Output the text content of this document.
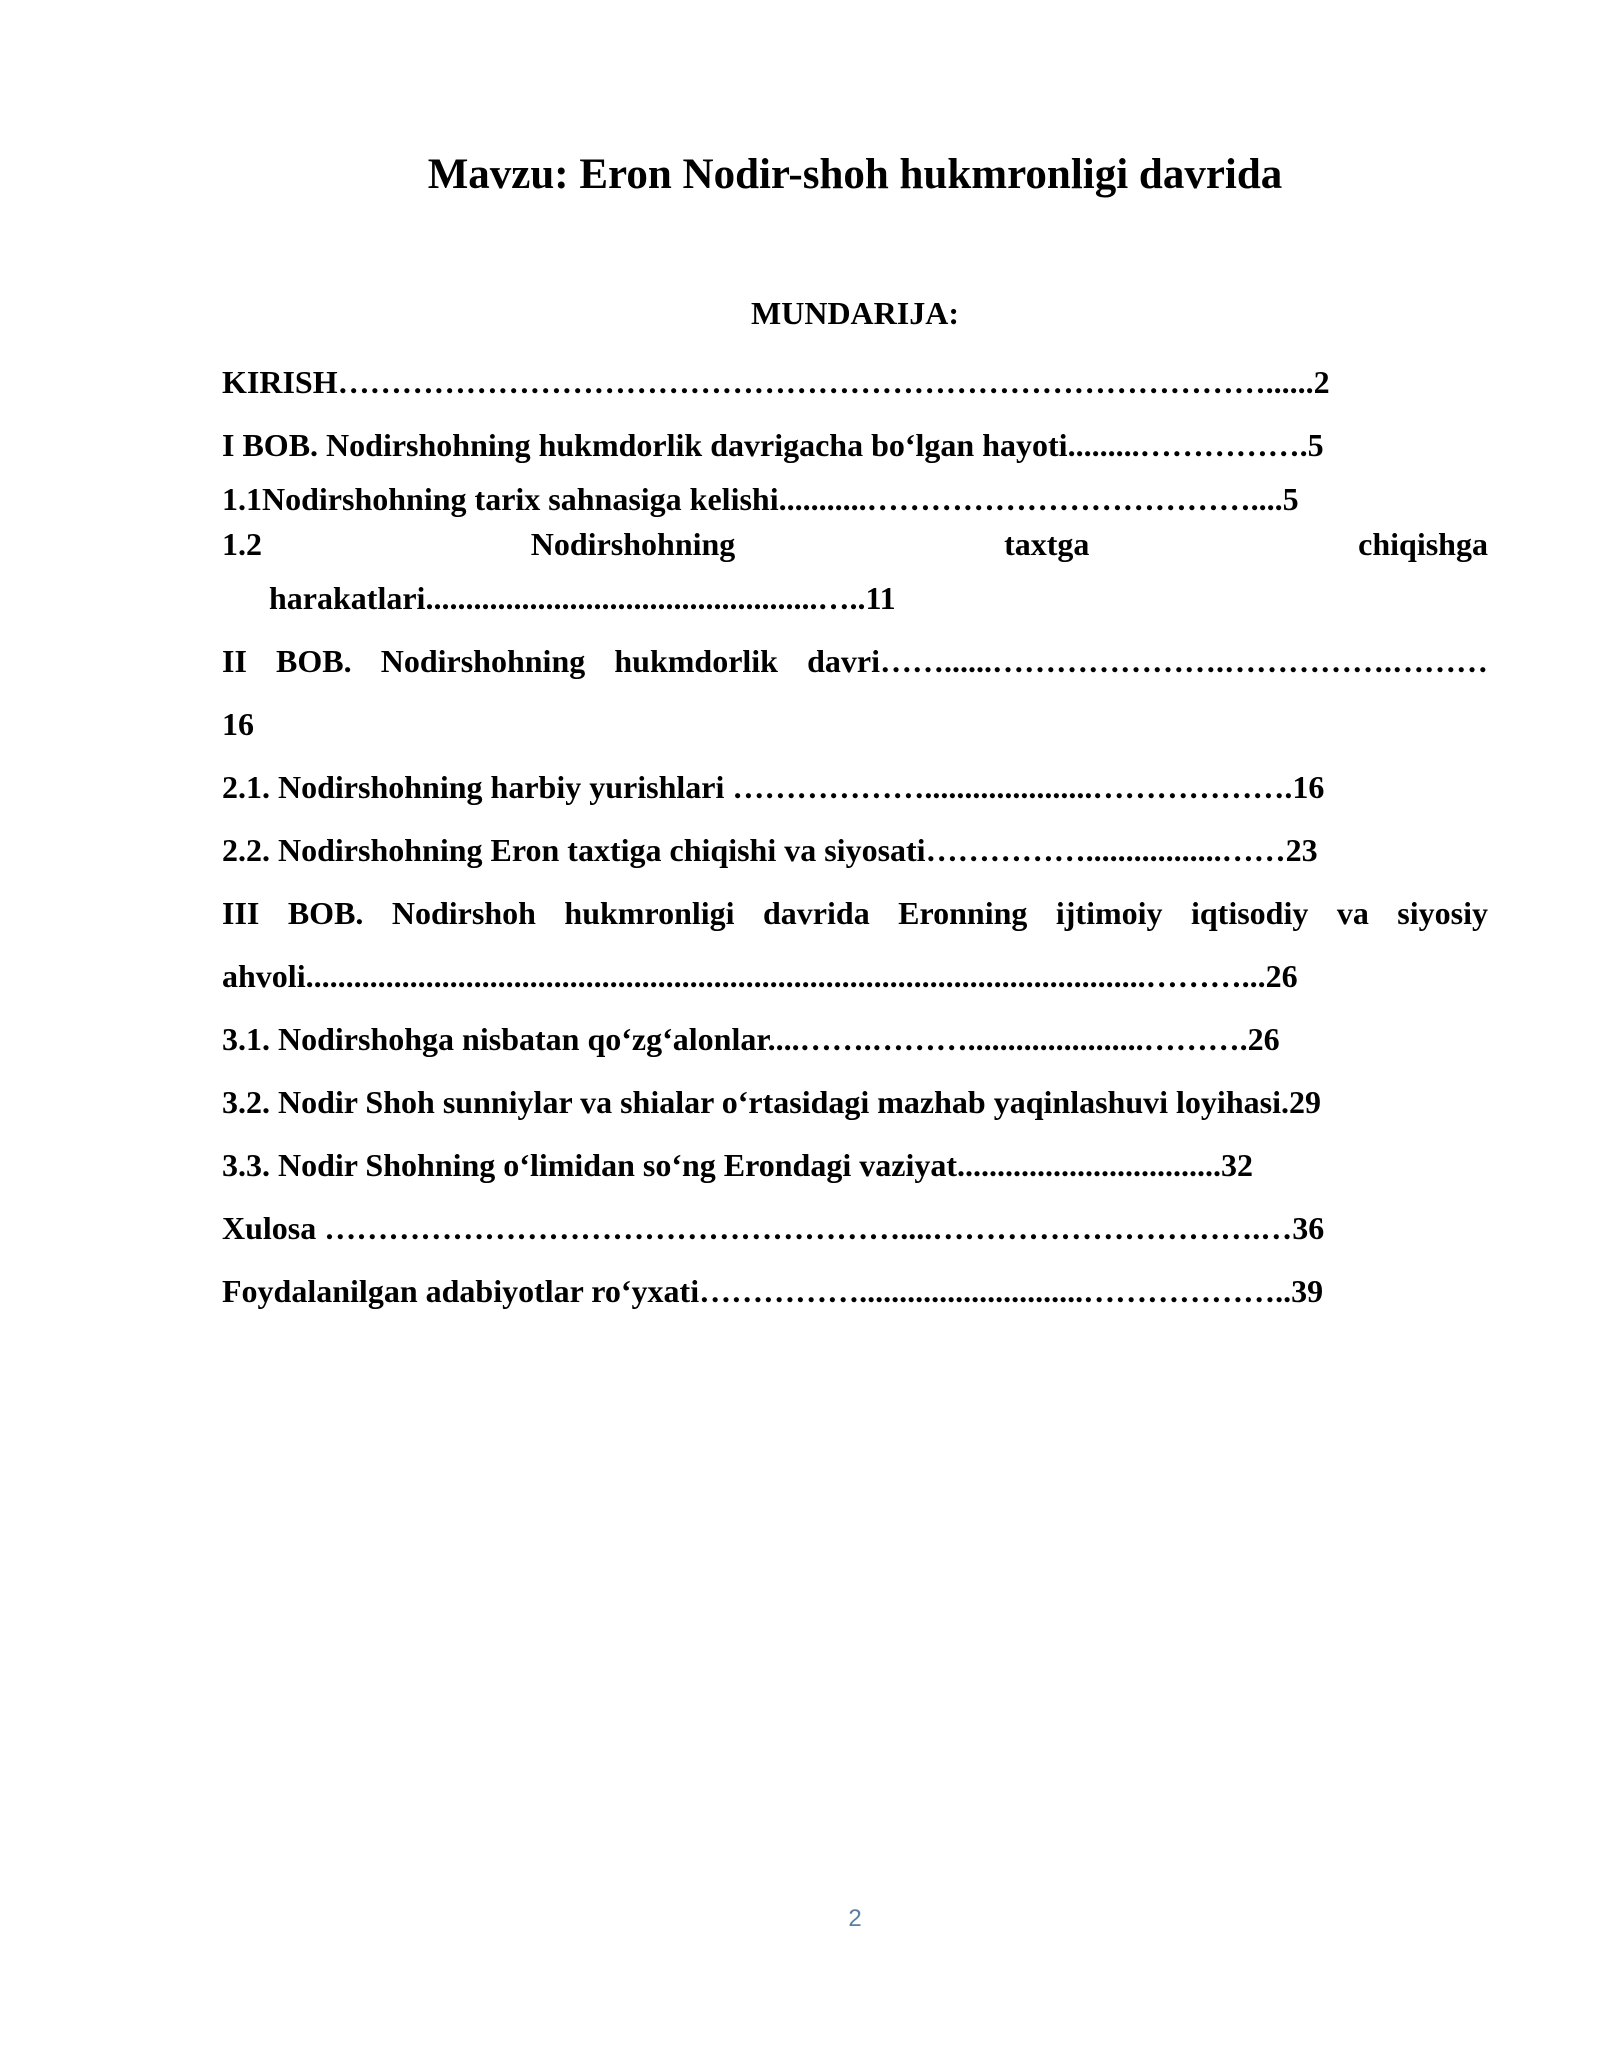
Mavzu: Eron Nodir-shoh hukmronligi davrida
MUNDARIJA:
KIRISH……………………………………………………………………………......2
I BOB. Nodirshohning hukmdorlik davrigacha bo‘lgan hayoti.........…………….5
1.1Nodirshohning tarix sahnasiga kelishi...........………………………………....5
1.2	Nodirshohning	taxtga	chiqishga
harakatlari.................................................…..11
II BOB. Nodirshohning hukmdorlik davri……......………………….…………….………
16
2.1. Nodirshohning harbiy yurishlari ……………….....................……………….16
2.2. Nodirshohning Eron taxtiga chiqishi va siyosati…………….................……23
III BOB. Nodirshoh hukmronligi davrida Eronning ijtimoiy iqtisodiy va siyosiy
ahvoli.........................................................................................................………...26
3.1. Nodirshohga nisbatan qo‘zg‘alonlar....…….………......................……….26
3.2. Nodir Shoh sunniylar va shialar o‘rtasidagi mazhab yaqinlashuvi loyihasi.29
3.3. Nodir Shohning o‘limidan so‘ng Erondagi vaziyat.................................32
Xulosa ………………………………………………....………………………….…36
Foydalanilgan adabiyotlar ro‘yxati……………............................………………..39
2
